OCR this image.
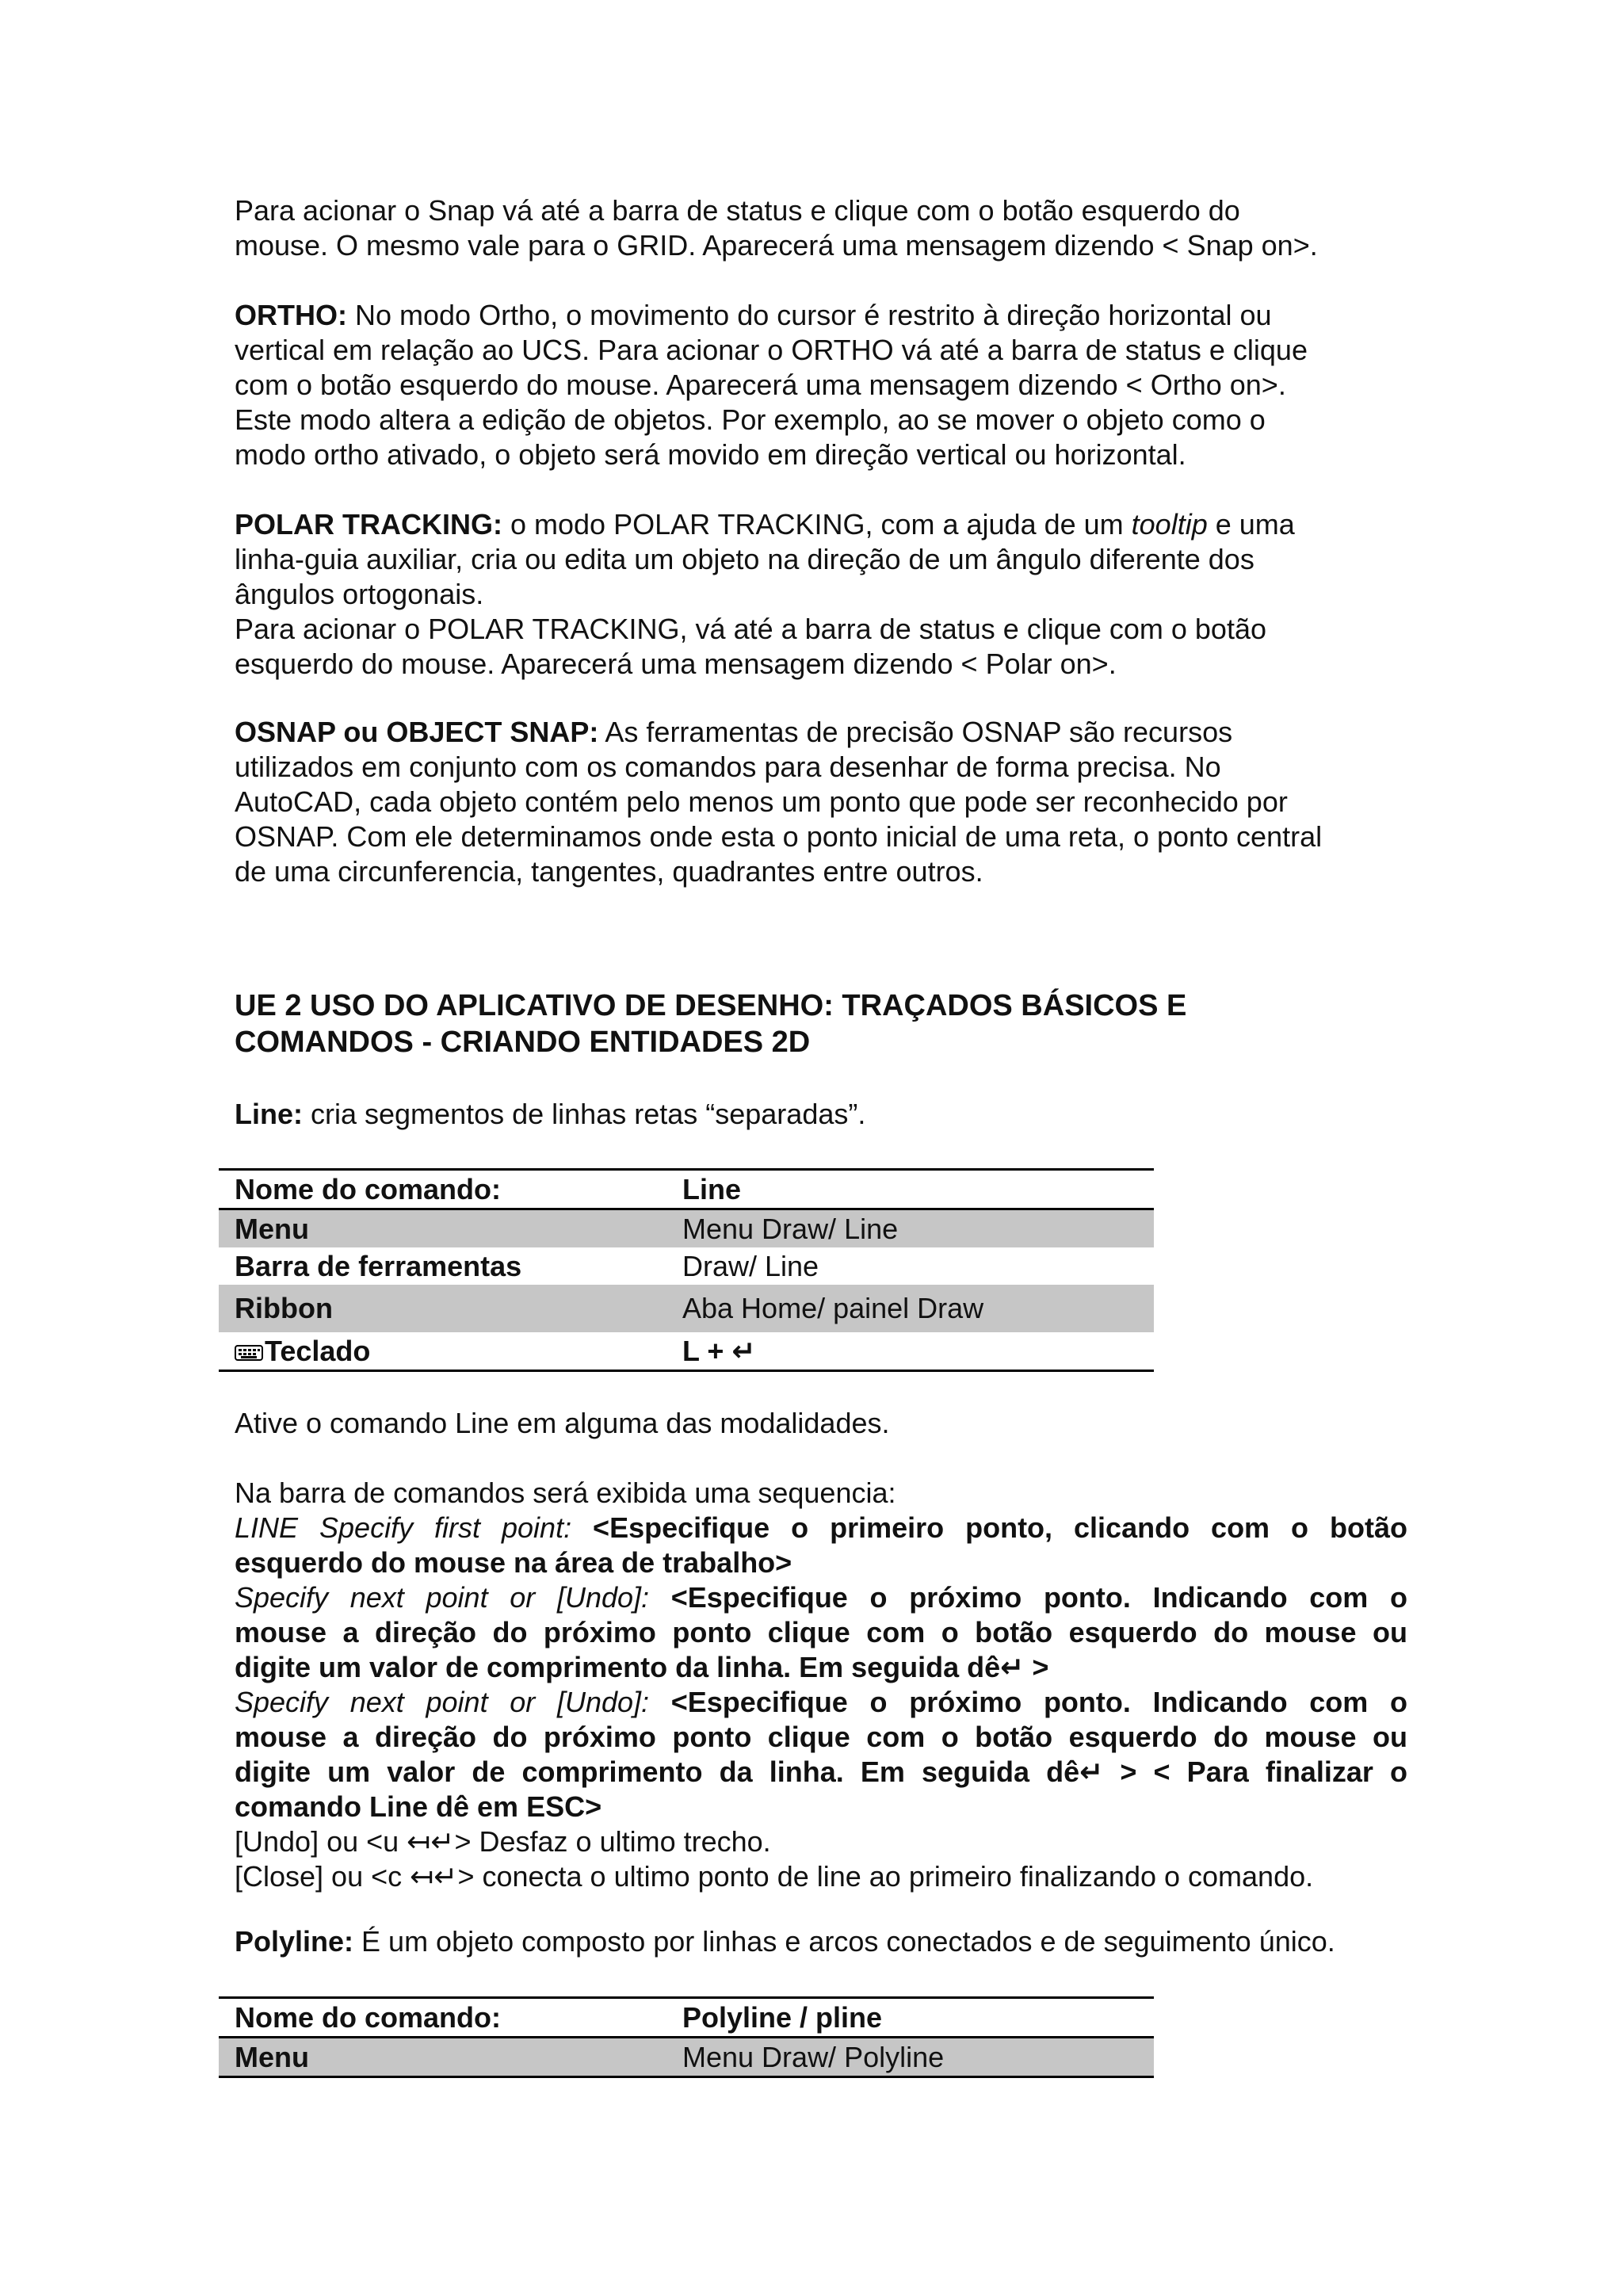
Para acionar o Snap vá até a barra de status e clique com o botão esquerdo do
mouse. O mesmo vale para o GRID. Aparecerá uma mensagem dizendo < Snap on>.

ORTHO: No modo Ortho, o movimento do cursor é restrito à direção horizontal ou
vertical em relação ao UCS. Para acionar o ORTHO vá até a barra de status e clique
com o botão esquerdo do mouse. Aparecerá uma mensagem dizendo < Ortho on>.
Este modo altera a edição de objetos. Por exemplo, ao se mover o objeto como o
modo ortho ativado, o objeto será movido em direção vertical ou horizontal.

POLAR TRACKING: o modo POLAR TRACKING, com a ajuda de um tooltip e uma
linha-guia auxiliar, cria ou edita um objeto na direção de um ângulo diferente dos
ângulos ortogonais.
Para acionar o POLAR TRACKING, vá até a barra de status e clique com o botão
esquerdo do mouse. Aparecerá uma mensagem dizendo < Polar on>.

OSNAP ou OBJECT SNAP: As ferramentas de precisão OSNAP são recursos
utilizados em conjunto com os comandos para desenhar de forma precisa. No
AutoCAD, cada objeto contém pelo menos um ponto que pode ser reconhecido por
OSNAP. Com ele determinamos onde esta o ponto inicial de uma reta, o ponto central
de uma circunferencia, tangentes, quadrantes entre outros.

UE 2 USO DO APLICATIVO DE DESENHO: TRAÇADOS BÁSICOS E
COMANDOS - CRIANDO ENTIDADES 2D

Line: cria segmentos de linhas retas “separadas”.

Nome do comando:	Line
Menu	Menu Draw/ Line
Barra de ferramentas	Draw/ Line
Ribbon	Aba Home/ painel Draw
Teclado	L + ↵

Ative o comando Line em alguma das modalidades.

Na barra de comandos será exibida uma sequencia:
LINE Specify first point: <Especifique o primeiro ponto, clicando com o botão
esquerdo do mouse na área de trabalho>
Specify next point or [Undo]: <Especifique o próximo ponto. Indicando com o
mouse a direção do próximo ponto clique com o botão esquerdo do mouse ou
digite um valor de comprimento da linha. Em seguida dê↵ >
Specify next point or [Undo]: <Especifique o próximo ponto. Indicando com o
mouse a direção do próximo ponto clique com o botão esquerdo do mouse ou
digite um valor de comprimento da linha. Em seguida dê↵ > < Para finalizar o
comando Line dê em ESC>
[Undo] ou <u ↤↵> Desfaz o ultimo trecho.
[Close] ou <c ↤↵> conecta o ultimo ponto de line ao primeiro finalizando o comando.

Polyline: É um objeto composto por linhas e arcos conectados e de seguimento único.

Nome do comando:	Polyline / pline
Menu	Menu Draw/ Polyline
